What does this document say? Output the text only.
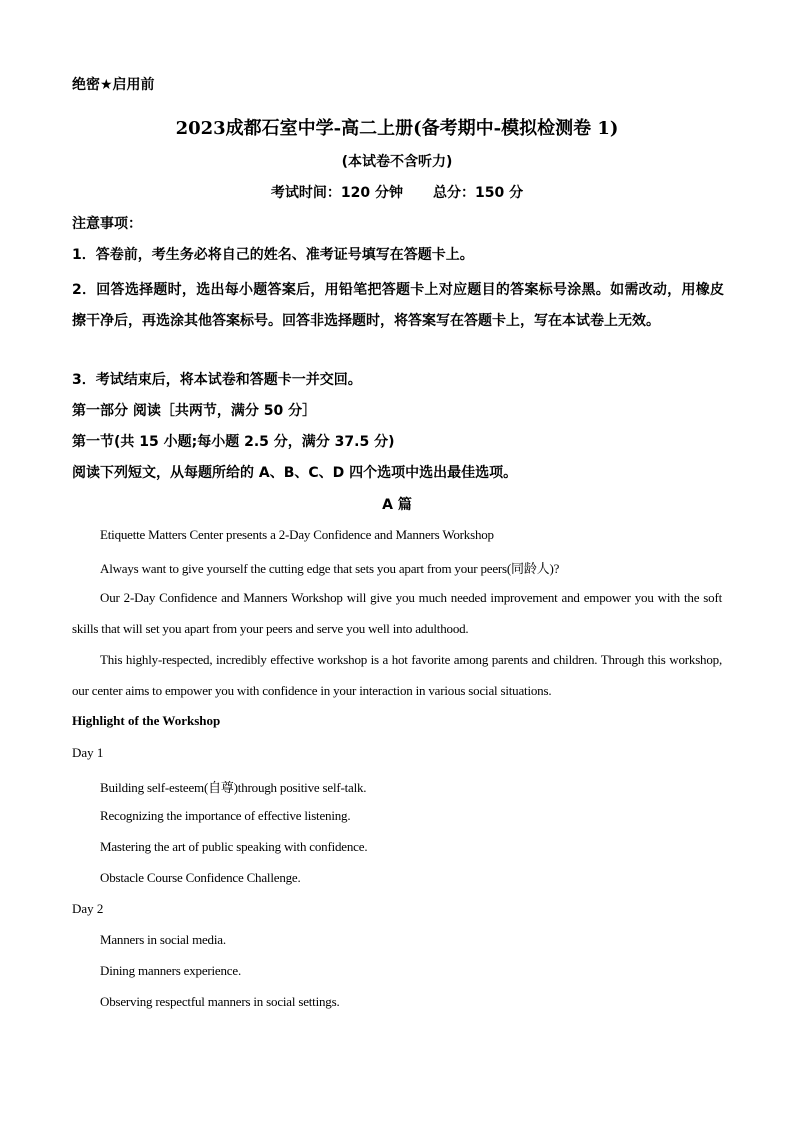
绝密★启用前
2023成都石室中学-高二上册(备考期中-模拟检测卷 1)
(本试卷不含听力)
考试时间：120 分钟 总分：150 分
注意事项：
1．答卷前，考生务必将自己的姓名、准考证号填写在答题卡上。
2．回答选择题时，选出每小题答案后，用铅笔把答题卡上对应题目的答案标号涂黑。如需改动，用橡皮擦干净后，再选涂其他答案标号。回答非选择题时，将答案写在答题卡上，写在本试卷上无效。
3．考试结束后，将本试卷和答题卡一并交回。
第一部分 阅读［共两节，满分 50 分］
第一节(共 15 小题;每小题 2.5 分，满分 37.5 分)
阅读下列短文，从每题所给的 A、B、C、D 四个选项中选出最佳选项。
A 篇
Etiquette Matters Center presents a 2-Day Confidence and Manners Workshop
Always want to give yourself the cutting edge that sets you apart from your peers(同龄人)?
Our 2-Day Confidence and Manners Workshop will give you much needed improvement and empower you with the soft skills that will set you apart from your peers and serve you well into adulthood.
This highly-respected, incredibly effective workshop is a hot favorite among parents and children. Through this workshop, our center aims to empower you with confidence in your interaction in various social situations.
Highlight of the Workshop
Day 1
Building self-esteem(自尊)through positive self-talk.
Recognizing the importance of effective listening.
Mastering the art of public speaking with confidence.
Obstacle Course Confidence Challenge.
Day 2
Manners in social media.
Dining manners experience.
Observing respectful manners in social settings.
